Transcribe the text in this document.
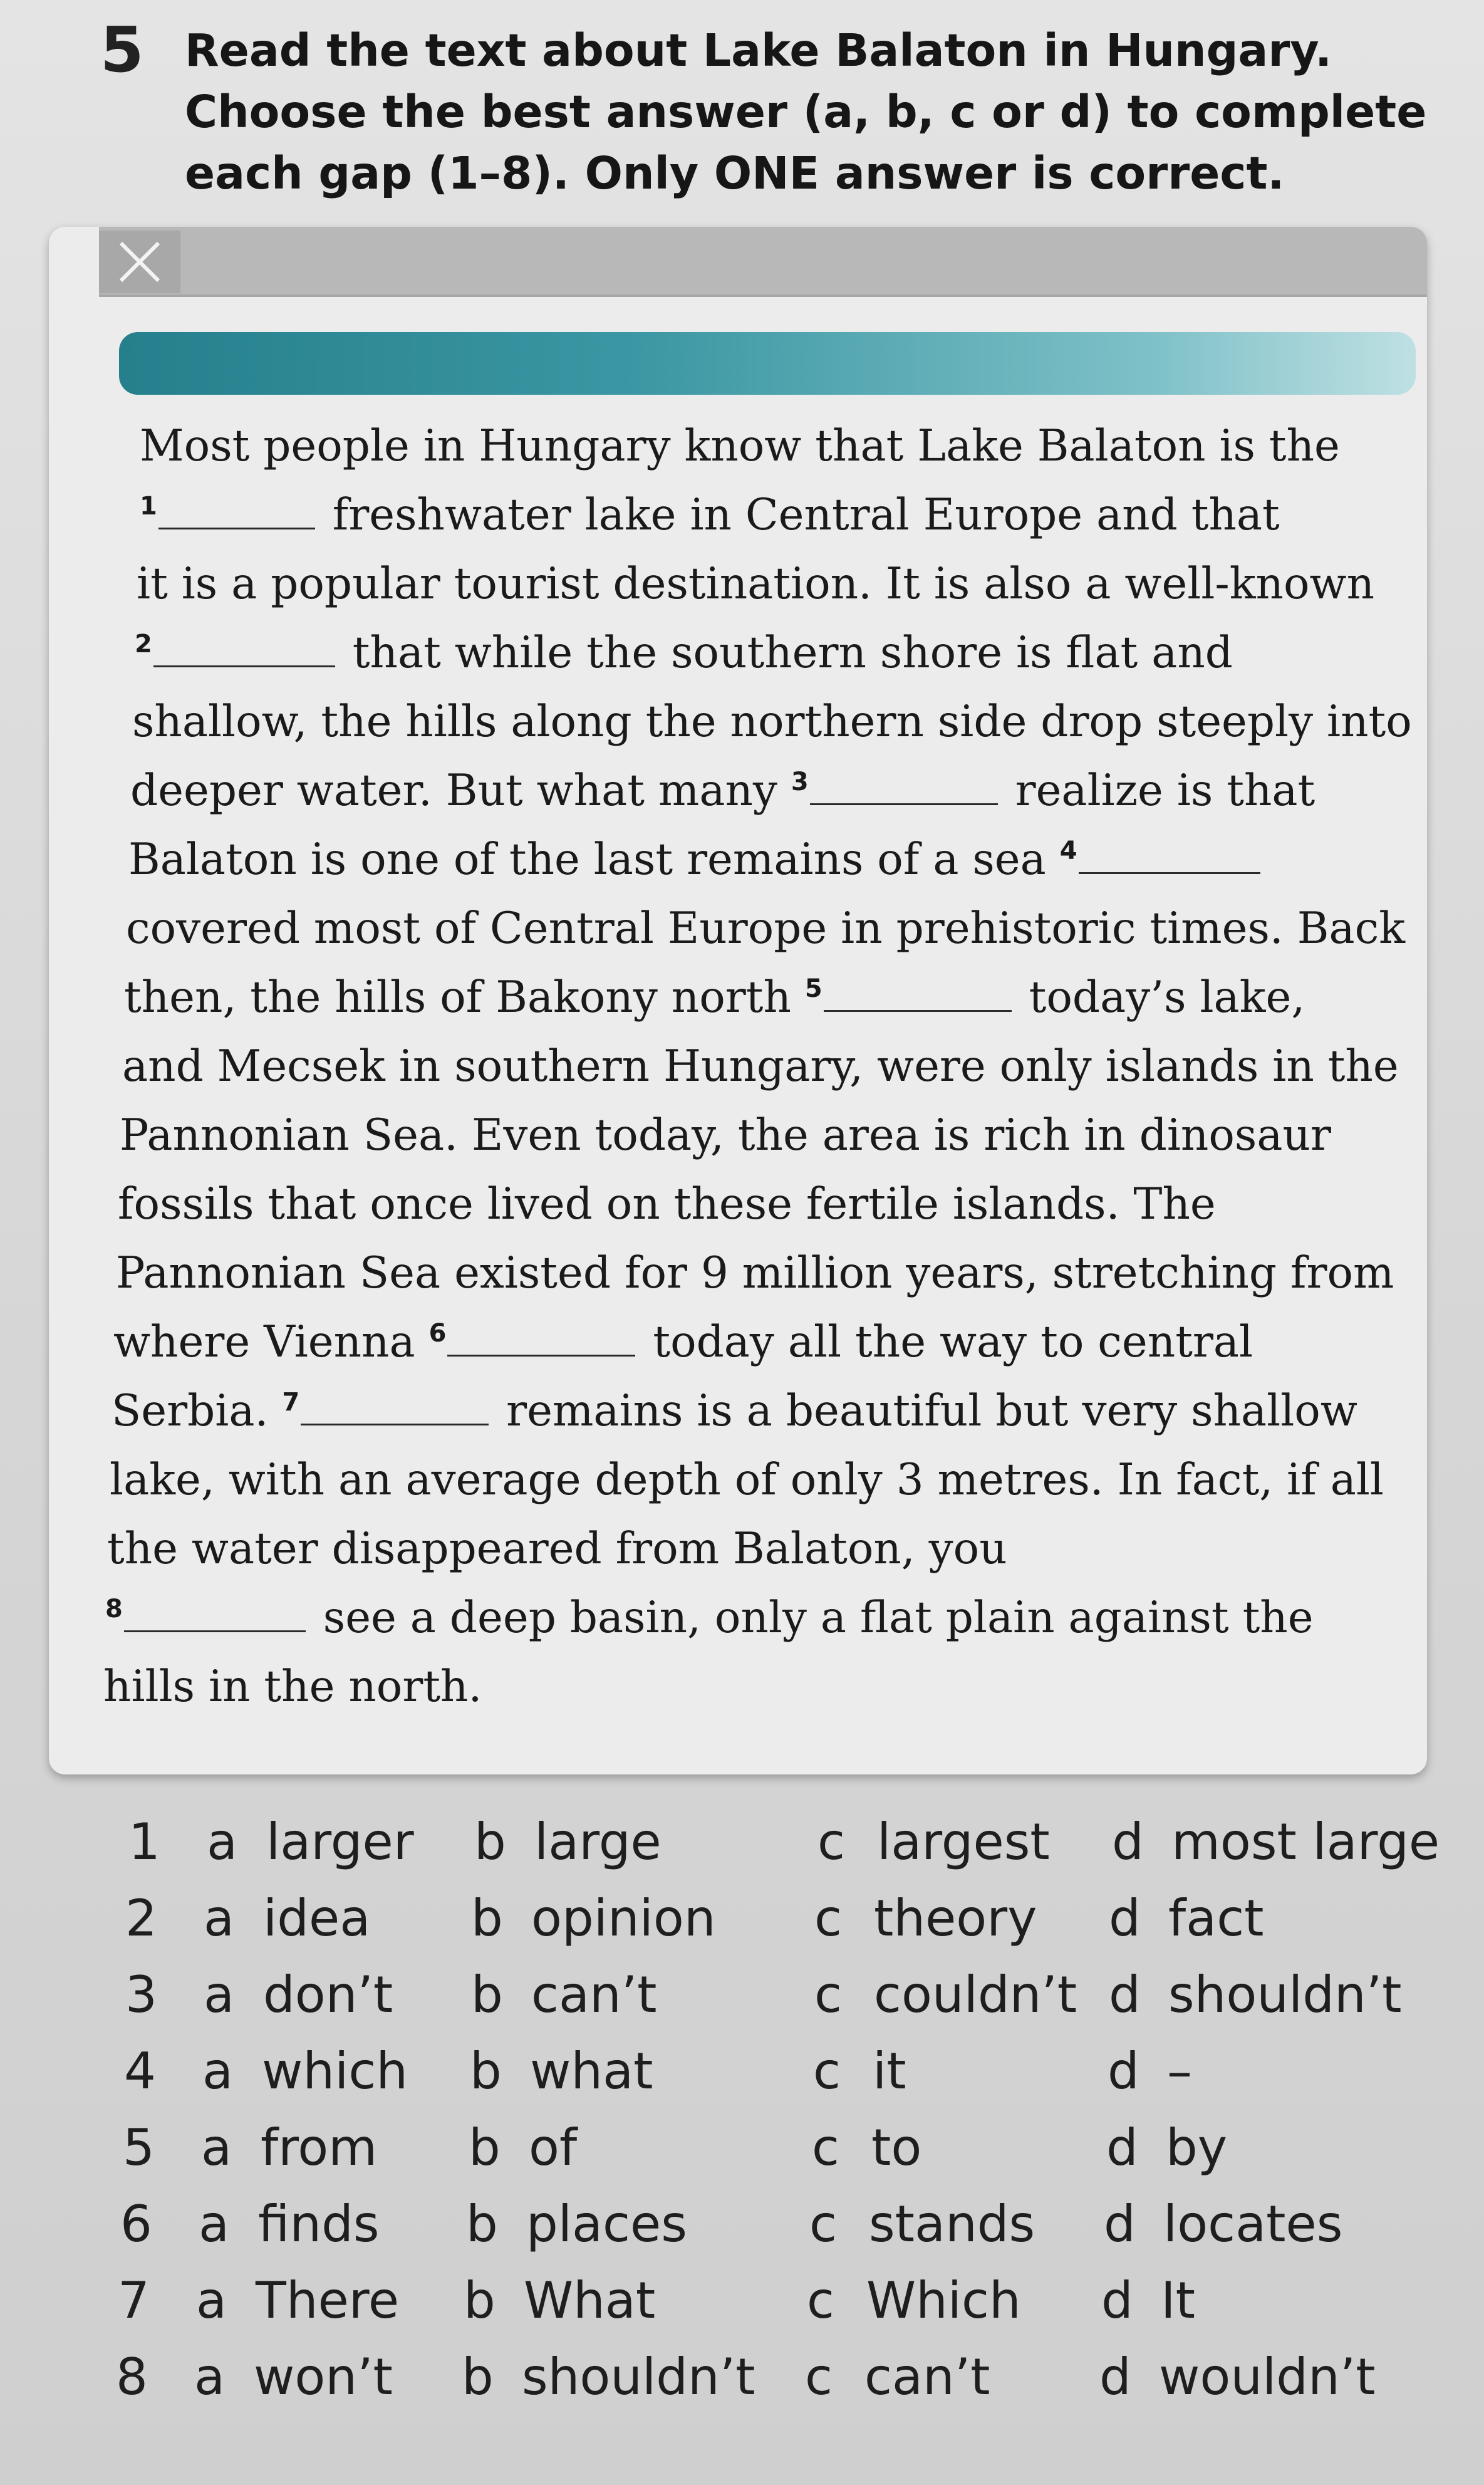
5 Read the text about Lake Balaton in Hungary.
Choose the best answer (a, b, c or d) to complete
each gap (1–8). Only ONE answer is correct.
Most people in Hungary know that Lake Balaton is the
$^1$	freshwater lake in Central Europe and that
it is a popular tourist destination. It is also a well-known
$^2$	that while the southern shore is flat and
shallow, the hills along the northern side drop steeply into
deeper water. But what many $^3$	realize is that
Balaton is one of the last remains of a sea $^4$
covered most of Central Europe in prehistoric times. Back
then, the hills of Bakony north $^5$	today’s lake,
and Mecsek in southern Hungary, were only islands in the
Pannonian Sea. Even today, the area is rich in dinosaur
fossils that once lived on these fertile islands. The
Pannonian Sea existed for 9 million years, stretching from
where Vienna $^6$	today all the way to central
Serbia. $^7$	remains is a beautiful but very shallow
lake, with an average depth of only 3 metres. In fact, if all
the water disappeared from Balaton, you
$^8$	see a deep basin, only a flat plain against the
hills in the north.
1 a larger b large	c largest d most large
2 a idea b opinion c theory d fact
3 a don’t b can’t	c couldn’t d shouldn’t
4 a which b what	c it	d –
5 a from b of	c to	d by
6 a finds b places c stands d locates
7 a There b What	c Which d It
8 a won’t b shouldn’t c can’t d wouldn’t
